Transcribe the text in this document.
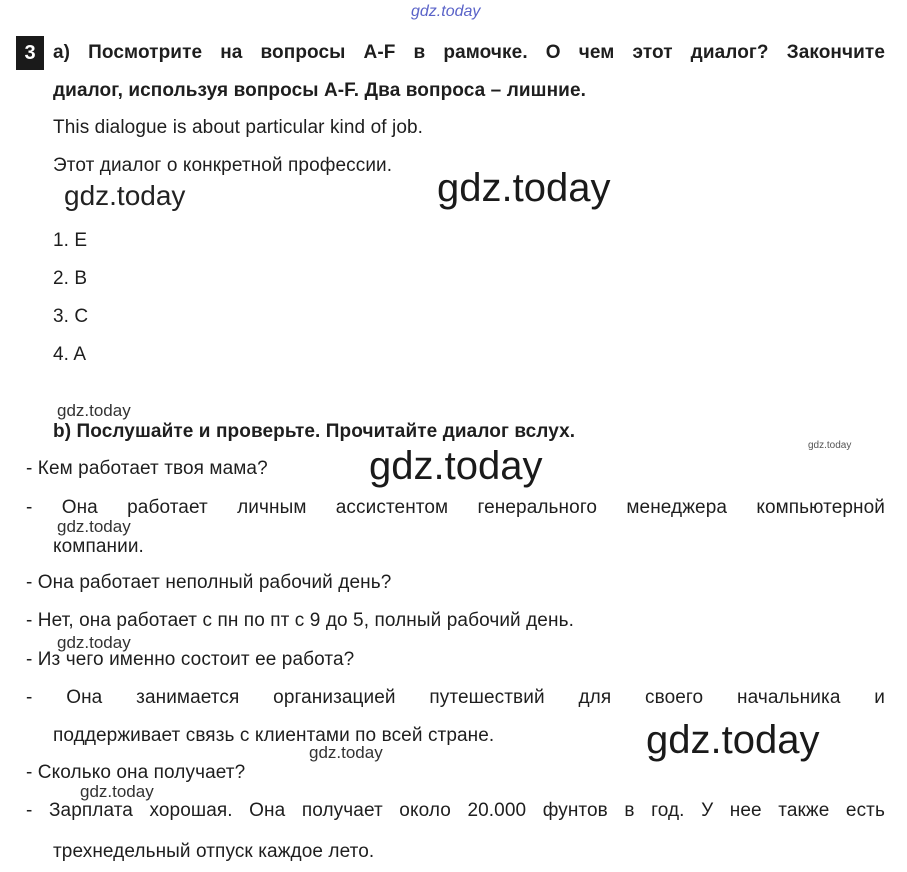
gdz.today
gdz.today
gdz.today
gdz.today
gdz.today
gdz.today
gdz.today
gdz.today
gdz.today
gdz.today
gdz.today
3 a) Посмотрите на вопросы A-F в рамочке. О чем этот диалог? Закончите
диалог, используя вопросы A-F. Два вопроса – лишние.
This dialogue is about particular kind of job.
Этот диалог о конкретной профессии.
1. E
2. B
3. C
4. A
b) Послушайте и проверьте. Прочитайте диалог вслух.
- Кем работает твоя мама?
- Она работает личным ассистентом генерального менеджера компьютерной
компании.
- Она работает неполный рабочий день?
- Нет, она работает с пн по пт с 9 до 5, полный рабочий день.
- Из чего именно состоит ее работа?
- Она занимается организацией путешествий для своего начальника и
поддерживает связь с клиентами по всей стране.
- Сколько она получает?
- Зарплата хорошая. Она получает около 20.000 фунтов в год. У нее также есть
трехнедельный отпуск каждое лето.
